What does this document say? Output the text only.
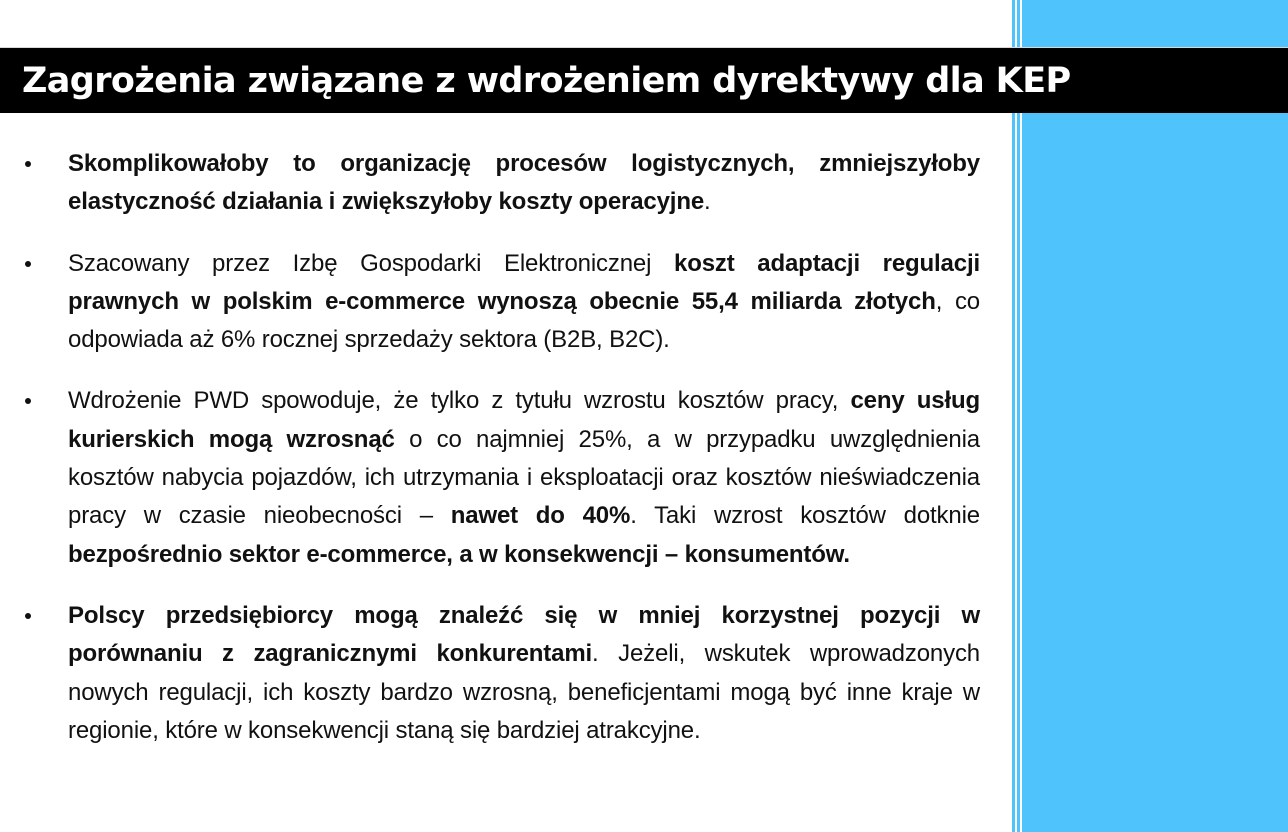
Zagrożenia związane z wdrożeniem dyrektywy dla KEP
Skomplikowałoby to organizację procesów logistycznych, zmniejszyłoby elastyczność działania i zwiększyłoby koszty operacyjne.
Szacowany przez Izbę Gospodarki Elektronicznej koszt adaptacji regulacji prawnych w polskim e-commerce wynoszą obecnie 55,4 miliarda złotych, co odpowiada aż 6% rocznej sprzedaży sektora (B2B, B2C).
Wdrożenie PWD spowoduje, że tylko z tytułu wzrostu kosztów pracy, ceny usług kurierskich mogą wzrosnąć o co najmniej 25%, a w przypadku uwzględnienia kosztów nabycia pojazdów, ich utrzymania i eksploatacji oraz kosztów nieświadczenia pracy w czasie nieobecności – nawet do 40%. Taki wzrost kosztów dotknie bezpośrednio sektor e-commerce, a w konsekwencji – konsumentów.
Polscy przedsiębiorcy mogą znaleźć się w mniej korzystnej pozycji w porównaniu z zagranicznymi konkurentami. Jeżeli, wskutek wprowadzonych nowych regulacji, ich koszty bardzo wzrosną, beneficjentami mogą być inne kraje w regionie, które w konsekwencji staną się bardziej atrakcyjne.
